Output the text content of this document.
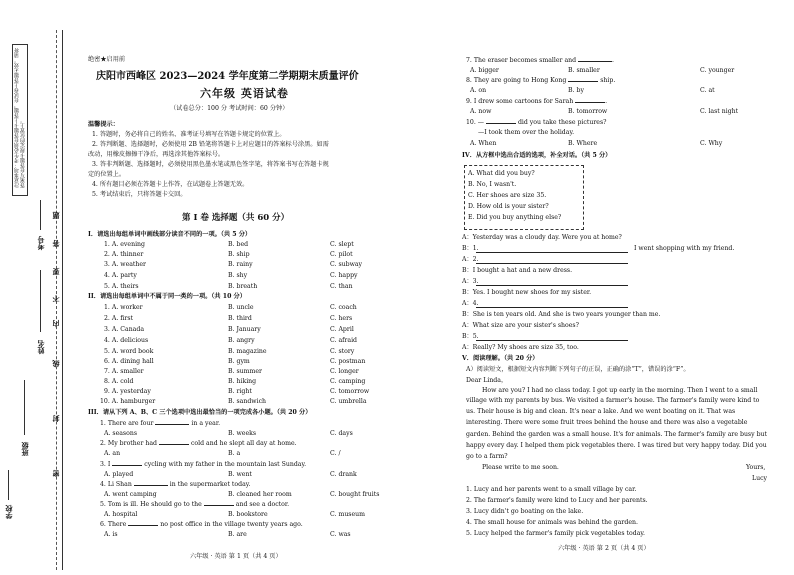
注意事项：考生必须在答题卡上答题，在试卷上答题无效。请将答案写在答题卡规定的位置上。
学校
班级
姓名
考号
密
封
线
内
不
要
答
题
绝密★启用前
庆阳市西峰区 2023—2024 学年度第二学期期末质量评价
六年级 英语试卷
（试卷总分：100 分 考试时间：60 分钟）
温馨提示：
1. 答题时，务必将自己的姓名、准考证号填写在答题卡规定的位置上。
2. 答判断题、选择题时，必须使用 2B 铅笔将答题卡上对应题目的答案标号涂黑。如需
改动，用橡皮擦擦干净后，再选涂其他答案标号。
3. 答非判断题、选择题时，必须使用黑色墨水笔或黑色签字笔，将答案书写在答题卡规
定的位置上。
4. 所有题目必须在答题卡上作答，在试题卷上答题无效。
5. 考试结束后，只将答题卡交回。
第 I 卷 选择题（共 60 分）
I．请选出每组单词中画线部分读音不同的一项。（共 5 分）
1. A. evening	B. bed	C. slept
2. A. thinner	B. ship	C. pilot
3. A. weather	B. rainy	C. subway
4. A. party	B. shy	C. happy
5. A. theirs	B. breath	C. than
II．请选出每组单词中不属于同一类的一项。（共 10 分）
1. A. worker	B. uncle	C. coach
2. A. first	B. third	C. hers
3. A. Canada	B. January	C. April
4. A. delicious	B. angry	C. afraid
5. A. word book	B. magazine	C. story
6. A. dining hall	B. gym	C. postman
7. A. smaller	B. summer	C. longer
8. A. cold	B. hiking	C. camping
9. A. yesterday	B. right	C. tomorrow
10. A. hamburger	B. sandwich	C. umbrella
III．请从下列 A、B、C 三个选项中选出最恰当的一项完成各小题。（共 20 分）
1. There are four	in a year.
A. seasons	B. weeks	C. days
2. My brother had	cold and he slept all day at home.
A. an	B. a	C. /
3. I	cycling with my father in the mountain last Sunday.
A. played	B. went	C. drank
4. Li Shan	in the supermarket today.
A. went camping	B. cleaned her room	C. bought fruits
5. Tom is ill. He should go to the	and see a doctor.
A. hospital	B. bookstore	C. museum
6. There	no post office in the village twenty years ago.
A. is	B. are	C. was
六年级 · 英语 第 1 页（共 4 页）
7. The eraser becomes smaller and	.
A. bigger	B. smaller	C. younger
8. They are going to Hong Kong	ship.
A. on	B. by	C. at
9. I drew some cartoons for Sarah	.
A. now	B. tomorrow	C. last night
10. —	did you take these pictures?
—I took them over the holiday.
A. When	B. Where	C. Why
IV．从方框中选出合适的选项，补全对话。（共 5 分）
A. What did you buy?
B. No, I wasn't.
C. Her shoes are size 35.
D. How old is your sister?
E. Did you buy anything else?
A：Yesterday was a cloudy day. Were you at home?
B：1.	I went shopping with my friend.
A：2.
B：I bought a hat and a new dress.
A：3.
B：Yes. I bought new shoes for my sister.
A：4.
B：She is ten years old. And she is two years younger than me.
A：What size are your sister's shoes?
B：5.
A：Really? My shoes are size 35, too.
V．阅读理解。（共 20 分）
A）阅读短文，根据短文内容判断下列句子的正误，正确的涂“T”，错误的涂“F”。
Dear Linda，
How are you? I had no class today. I got up early in the morning. Then I went to a small
village with my parents by bus. We visited a farmer's house. The farmer's family were kind to
us. Their house is big and clean. It's near a lake. And we went boating on it. That was
interesting. There were some fruit trees behind the house and there was also a vegetable
garden. Behind the garden was a small house. It's for animals. The farmer's family are busy but
happy every day. I helped them pick vegetables there. I was tired but very happy today. Did you
go to a farm?
Please write to me soon.	Yours,
Lucy
1. Lucy and her parents went to a small village by car.
2. The farmer's family were kind to Lucy and her parents.
3. Lucy didn't go boating on the lake.
4. The small house for animals was behind the garden.
5. Lucy helped the farmer's family pick vegetables today.
六年级 · 英语 第 2 页（共 4 页）
